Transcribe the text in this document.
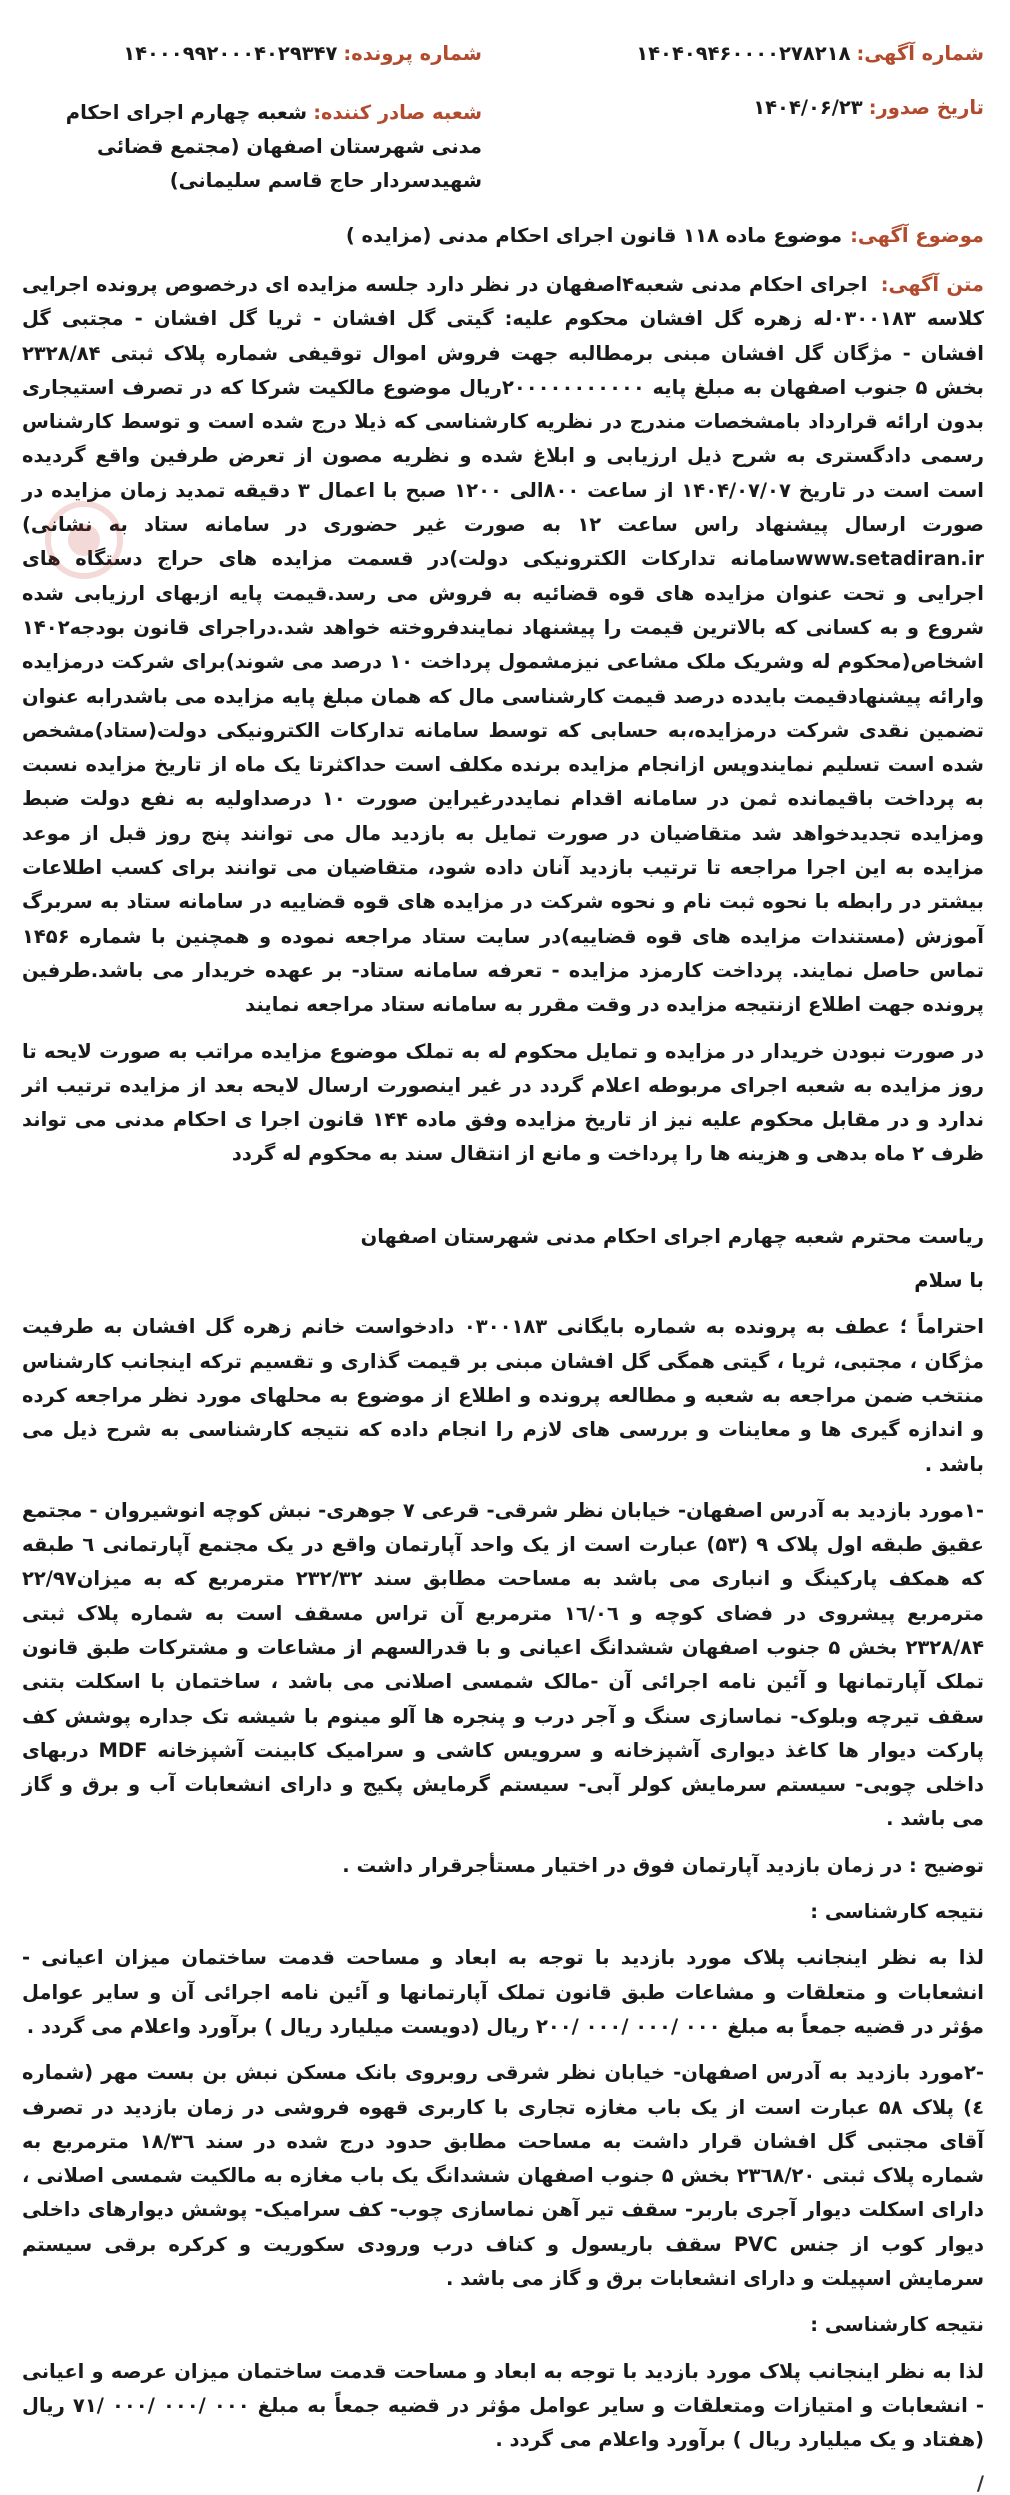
شماره آگهی:
۱۴۰۴۰۹۴۶۰۰۰۰۲۷۸۲۱۸
شماره پرونده:
۱۴۰۰۰۹۹۲۰۰۰۴۰۲۹۳۴۷
تاریخ صدور:
۱۴۰۴/۰۶/۲۳
شعبه صادر کننده: شعبه چهارم اجرای احکام مدنی شهرستان اصفهان (مجتمع قضائی شهیدسردار حاج قاسم سلیمانی)
موضوع آگهی:
موضوع ماده ۱۱۸ قانون اجرای احکام مدنی (مزایده )
متن آگهی: اجرای احکام مدنی شعبه۴اصفهان در نظر دارد جلسه مزایده ای درخصوص پرونده اجرایی کلاسه ۰۳۰۰۱۸۳له زهره گل افشان محکوم علیه: گیتی گل افشان - ثریا گل افشان - مجتبی گل افشان - مژگان گل افشان مبنی برمطالبه جهت فروش اموال توقیفی شماره پلاک ثبتی ۲۳۲۸/۸۴ بخش ۵ جنوب اصفهان به مبلغ پایه ۲۰۰۰۰۰۰۰۰۰۰۰ریال موضوع مالکیت شرکا که در تصرف استیجاری بدون ارائه قرارداد بامشخصات مندرج در نظریه کارشناسی که ذیلا درج شده است و توسط کارشناس رسمی دادگستری به شرح ذیل ارزیابی و ابلاغ شده و نظریه مصون از تعرض طرفین واقع گردیده است است در تاریخ ۱۴۰۴/۰۷/۰۷ از ساعت ۸۰۰الی ۱۲۰۰ صبح با اعمال ۳ دقیقه تمدید زمان مزایده در صورت ارسال پیشنهاد راس ساعت ۱۲ به صورت غیر حضوری در سامانه ستاد به نشانی) www.setadiran.irسامانه تدارکات الکترونیکی دولت)در قسمت مزایده های حراج دستگاه های اجرایی و تحت عنوان مزایده های قوه قضائیه به فروش می رسد.قیمت پایه ازبهای ارزیابی شده شروع و به کسانی که بالاترین قیمت را پیشنهاد نمایندفروخته خواهد شد.دراجرای قانون بودجه۱۴۰۲ اشخاص(محکوم له وشریک ملک مشاعی نیزمشمول پرداخت ۱۰ درصد می شوند)برای شرکت درمزایده وارائه پیشنهادقیمت بایدده درصد قیمت کارشناسی مال که همان مبلغ پایه مزایده می باشدرابه عنوان تضمین نقدی شرکت درمزایده،به حسابی که توسط سامانه تدارکات الکترونیکی دولت(ستاد)مشخص شده است تسلیم نمایندوپس ازانجام مزایده برنده مکلف است حداکثرتا یک ماه از تاریخ مزایده نسبت به پرداخت باقیمانده ثمن در سامانه اقدام نمایددرغیراین صورت ۱۰ درصداولیه به نفع دولت ضبط ومزایده تجدیدخواهد شد متقاضیان در صورت تمایل به بازدید مال می توانند پنج روز قبل از موعد مزایده به این اجرا مراجعه تا ترتیب بازدید آنان داده شود، متقاضیان می توانند برای کسب اطلاعات بیشتر در رابطه با نحوه ثبت نام و نحوه شرکت در مزایده های قوه قضاییه در سامانه ستاد به سربرگ آموزش (مستندات مزایده های قوه قضاییه)در سایت ستاد مراجعه نموده و همچنین با شماره ۱۴۵۶ تماس حاصل نمایند. پرداخت کارمزد مزایده - تعرفه سامانه ستاد- بر عهده خریدار می باشد.طرفین پرونده جهت اطلاع ازنتیجه مزایده در وقت مقرر به سامانه ستاد مراجعه نمایند

در صورت نبودن خریدار در مزایده و تمایل محکوم له به تملک موضوع مزایده مراتب به صورت لایحه تا روز مزایده به شعبه اجرای مربوطه اعلام گردد در غیر اینصورت ارسال لایحه بعد از مزایده ترتیب اثر ندارد و در مقابل محکوم علیه نیز از تاریخ مزایده وفق ماده ۱۴۴ قانون اجرا ی احکام مدنی می تواند ظرف ۲ ماه بدهی و هزینه ها را پرداخت و مانع از انتقال سند به محکوم له گردد

ریاست محترم شعبه چهارم اجرای احکام مدنی شهرستان اصفهان

با سلام

احتراماً ؛ عطف به پرونده به شماره بایگانی ۰۳۰۰۱۸۳ دادخواست خانم زهره گل افشان به طرفیت مژگان ، مجتبی، ثریا ، گیتی همگی گل افشان مبنی بر قیمت گذاری و تقسیم ترکه اینجانب کارشناس منتخب ضمن مراجعه به شعبه و مطالعه پرونده و اطلاع از موضوع به محلهای مورد نظر مراجعه کرده و اندازه گیری ها و معاینات و بررسی های لازم را انجام داده که نتیجه کارشناسی به شرح ذیل می باشد .

-۱مورد بازدید به آدرس اصفهان- خیابان نظر شرقی- قرعی ۷ جوهری- نبش کوچه انوشیروان - مجتمع عقیق طبقه اول پلاک ۹ (۵۳) عبارت است از یک واحد آپارتمان واقع در یک مجتمع آپارتمانی ٦ طبقه که همکف پارکینگ و انباری می باشد به مساحت مطابق سند ۲۳۲/۳۲ مترمربع که به میزان۲۲/۹۷ مترمربع پیشروی در فضای کوچه و ۱٦/۰٦ مترمربع آن تراس مسقف است به شماره پلاک ثبتی ۲۳۲۸/۸۴ بخش ۵ جنوب اصفهان ششدانگ اعیانی و با قدرالسهم از مشاعات و مشترکات طبق قانون تملک آپارتمانها و آئین نامه اجرائی آن -مالک شمسی اصلانی می باشد ، ساختمان با اسکلت بتنی سقف تیرچه وبلوک- نماسازی سنگ و آجر درب و پنجره ها آلو مینوم با شیشه تک جداره پوشش کف پارکت دیوار ها کاغذ دیواری آشپزخانه و سرویس کاشی و سرامیک کابینت آشپزخانه MDF دربهای داخلی چوبی- سیستم سرمایش کولر آبی- سیستم گرمایش پکیج و دارای انشعابات آب و برق و گاز می باشد .

توضیح : در زمان بازدید آپارتمان فوق در اختیار مستأجرقرار داشت .

نتیجه کارشناسی :

لذا به نظر اینجانب پلاک مورد بازدید با توجه به ابعاد و مساحت قدمت ساختمان میزان اعیانی - انشعابات و متعلقات و مشاعات طبق قانون تملک آپارتمانها و آئین نامه اجرائی آن و سایر عوامل مؤثر در قضیه جمعاً به مبلغ ۰۰۰ /۰۰۰ /۰۰۰ /۲۰۰ ریال (دویست میلیارد ریال ) برآورد واعلام می گردد .

-۲مورد بازدید به آدرس اصفهان- خیابان نظر شرقی روبروی بانک مسکن نبش بن بست مهر (شماره ٤) پلاک ۵۸ عبارت است از یک باب مغازه تجاری با کاربری قهوه فروشی در زمان بازدید در تصرف آقای مجتبی گل افشان قرار داشت به مساحت مطابق حدود درج شده در سند ۱۸/۳٦ مترمربع به شماره پلاک ثبتی ۲۳٦۸/۲۰ بخش ۵ جنوب اصفهان ششدانگ یک باب مغازه به مالکیت شمسی اصلانی ، دارای اسکلت دیوار آجری باربر- سقف تیر آهن نماسازی چوب- کف سرامیک- پوشش دیوارهای داخلی دیوار کوب از جنس PVC سقف باریسول و کناف درب ورودی سکوریت و کرکره برقی سیستم سرمایش اسپیلت و دارای انشعابات برق و گاز می باشد .

نتیجه کارشناسی :

لذا به نظر اینجانب پلاک مورد بازدید با توجه به ابعاد و مساحت قدمت ساختمان میزان عرصه و اعیانی - انشعابات و امتیازات ومتعلقات و سایر عوامل مؤثر در قضیه جمعاً به مبلغ ۰۰۰ /۰۰۰ /۰۰۰ /۷۱ ریال (هفتاد و یک میلیارد ریال ) برآورد واعلام می گردد .

/
